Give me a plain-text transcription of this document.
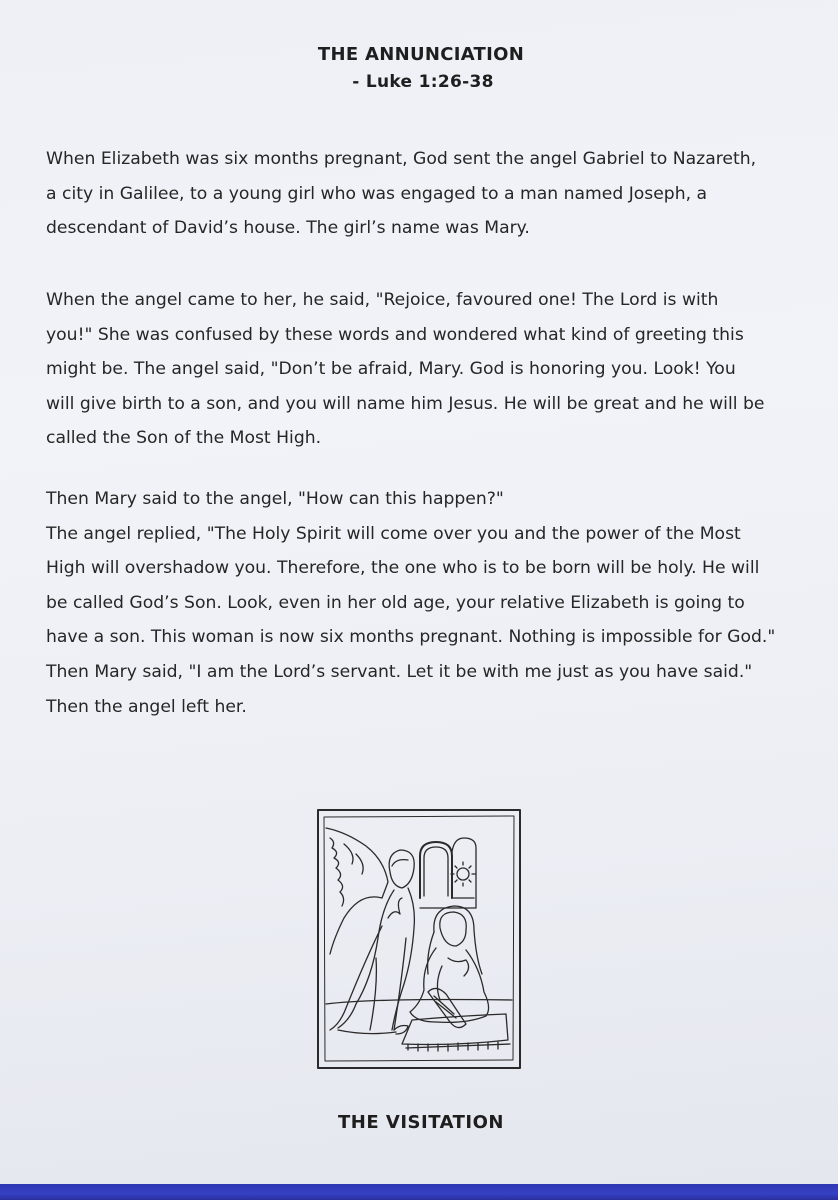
THE ANNUNCIATION
- Luke 1:26-38
When Elizabeth was six months pregnant, God sent the angel Gabriel to Nazareth,
a city in Galilee, to a young girl who was engaged to a man named Joseph, a
descendant of David’s house. The girl’s name was Mary.
When the angel came to her, he said, "Rejoice, favoured one! The Lord is with
you!" She was confused by these words and wondered what kind of greeting this
might be. The angel said, "Don’t be afraid, Mary. God is honoring you. Look! You
will give birth to a son, and you will name him Jesus. He will be great and he will be
called the Son of the Most High.
Then Mary said to the angel, "How can this happen?"
The angel replied, "The Holy Spirit will come over you and the power of the Most
High will overshadow you. Therefore, the one who is to be born will be holy. He will
be called God’s Son. Look, even in her old age, your relative Elizabeth is going to
have a son. This woman is now six months pregnant. Nothing is impossible for God."
Then Mary said, "I am the Lord’s servant. Let it be with me just as you have said."
Then the angel left her.
THE VISITATION
